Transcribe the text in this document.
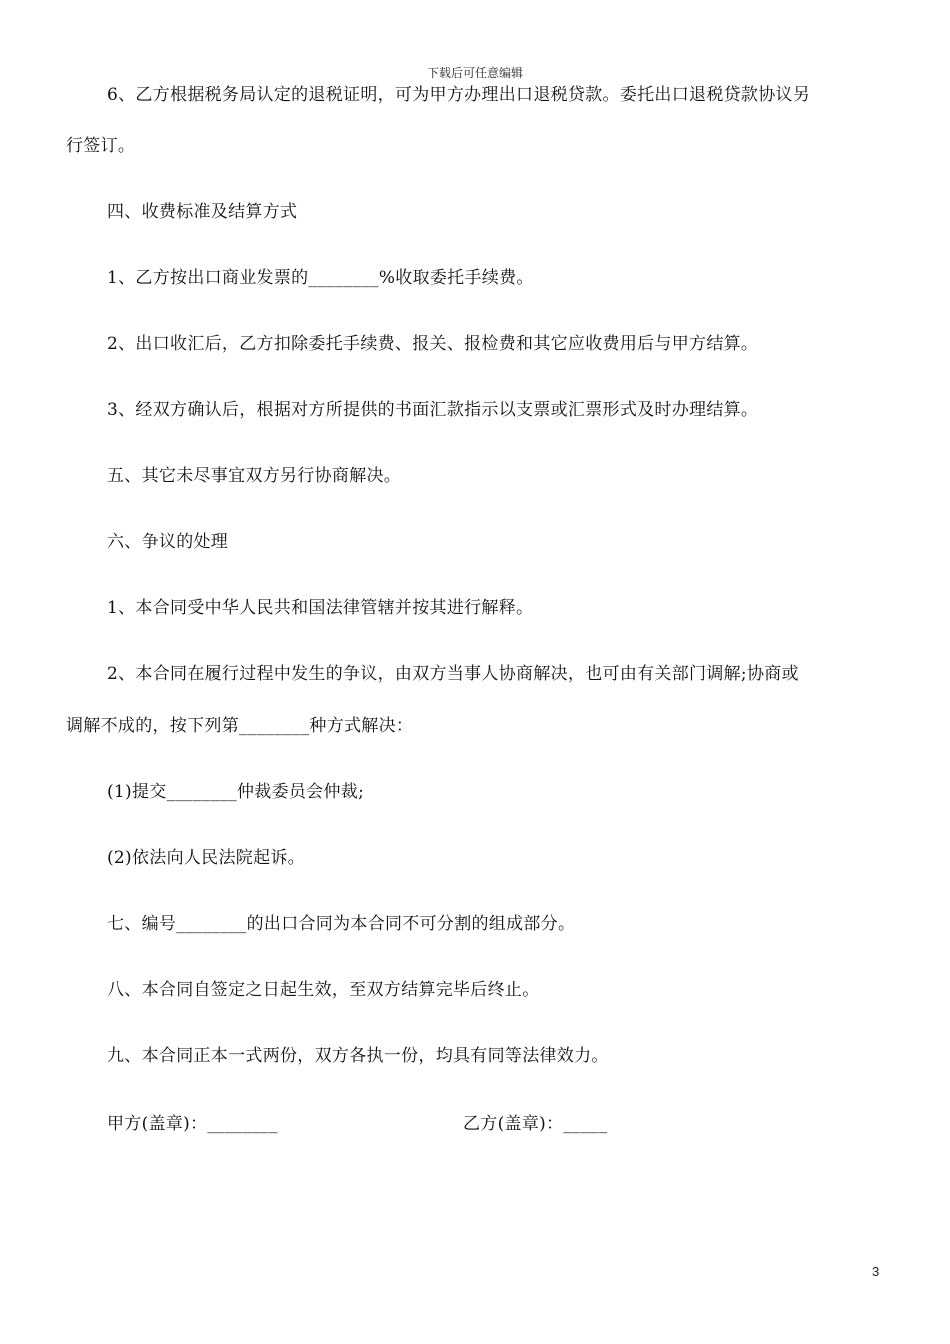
下载后可任意编辑
6、乙方根据税务局认定的退税证明，可为甲方办理出口退税贷款。委托出口退税贷款协议另
行签订。
四、收费标准及结算方式
1、乙方按出口商业发票的________%收取委托手续费。
2、出口收汇后，乙方扣除委托手续费、报关、报检费和其它应收费用后与甲方结算。
3、经双方确认后，根据对方所提供的书面汇款指示以支票或汇票形式及时办理结算。
五、其它未尽事宜双方另行协商解决。
六、争议的处理
1、本合同受中华人民共和国法律管辖并按其进行解释。
2、本合同在履行过程中发生的争议，由双方当事人协商解决，也可由有关部门调解;协商或
调解不成的，按下列第________种方式解决：
(1)提交________仲裁委员会仲裁;
(2)依法向人民法院起诉。
七、编号________的出口合同为本合同不可分割的组成部分。
八、本合同自签定之日起生效，至双方结算完毕后终止。
九、本合同正本一式两份，双方各执一份，均具有同等法律效力。
甲方(盖章)：________	乙方(盖章)：_____
3
